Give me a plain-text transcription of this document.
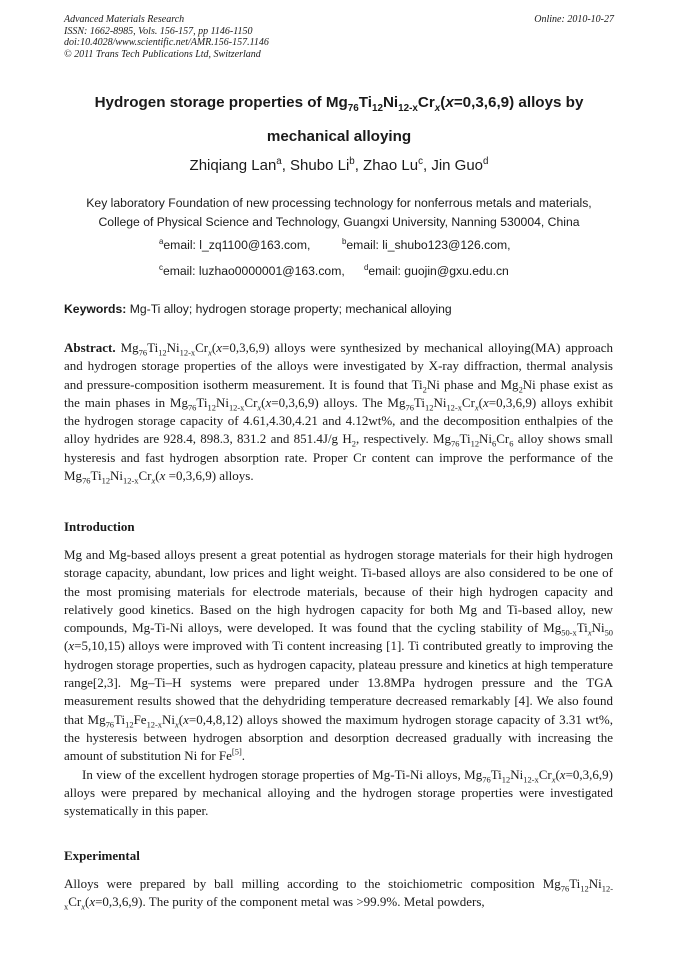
Advanced Materials Research
ISSN: 1662-8985, Vols. 156-157, pp 1146-1150
doi:10.4028/www.scientific.net/AMR.156-157.1146
© 2011 Trans Tech Publications Ltd, Switzerland
Online: 2010-10-27
Hydrogen storage properties of $Mg_{76}Ti_{12}Ni_{12-x}Cr_x(x=0,3,6,9)$ alloys by
mechanical alloying
Zhiqiang Lan$^a$, Shubo Li$^b$, Zhao Lu$^c$, Jin Guo$^d$
Key laboratory Foundation of new processing technology for nonferrous metals and materials,
College of Physical Science and Technology, Guangxi University, Nanning 530004, China
$^a$email: l_zq1100@163.com,	$^b$email: li_shubo123@126.com,
$^c$email: luzhao0000001@163.com, $^d$email: guojin@gxu.edu.cn
Keywords: Mg-Ti alloy; hydrogen storage property; mechanical alloying
Abstract. $Mg_{76}Ti_{12}Ni_{12-x}Cr_x(x=0,3,6,9)$ alloys were synthesized by mechanical alloying(MA) approach and hydrogen storage properties of the alloys were investigated by X-ray diffraction, thermal analysis and pressure-composition isotherm measurement. It is found that $Ti_2Ni$ phase and $Mg_2Ni$ phase exist as the main phases in $Mg_{76}Ti_{12}Ni_{12-x}Cr_x(x=0,3,6,9)$ alloys. The $Mg_{76}Ti_{12}Ni_{12-x}Cr_x(x=0,3,6,9)$ alloys exhibit the hydrogen storage capacity of 4.61,4.30,4.21 and 4.12wt%, and the decomposition enthalpies of the alloy hydrides are 928.4, 898.3, 831.2 and 851.4J/g $H_2$, respectively. $Mg_{76}Ti_{12}Ni_6Cr_6$ alloy shows small hysteresis and fast hydrogen absorption rate. Proper Cr content can improve the performance of the $Mg_{76}Ti_{12}Ni_{12-x}Cr_x(x =0,3,6,9)$ alloys.
Introduction
Mg and Mg-based alloys present a great potential as hydrogen storage materials for their high hydrogen storage capacity, abundant, low prices and light weight. Ti-based alloys are also considered to be one of the most promising materials for electrode materials, because of their high hydrogen capacity and relatively good kinetics. Based on the high hydrogen capacity for both Mg and Ti-based alloy, new compounds, Mg-Ti-Ni alloys, were developed. It was found that the cycling stability of $Mg_{50-x}Ti_xNi_{50}$ (x=5,10,15) alloys were improved with Ti content increasing [1]. Ti contributed greatly to improving the hydrogen storage properties, such as hydrogen capacity, plateau pressure and kinetics at high temperature range[2,3]. Mg–Ti–H systems were prepared under 13.8MPa hydrogen pressure and the TGA measurement results showed that the dehydriding temperature decreased remarkably [4]. We also found that $Mg_{76}Ti_{12}Fe_{12-x}Ni_x(x=0,4,8,12)$ alloys showed the maximum hydrogen storage capacity of 3.31 wt%, the hysteresis between hydrogen absorption and desorption decreased gradually with increasing the amount of substitution Ni for Fe[5].
In view of the excellent hydrogen storage properties of Mg-Ti-Ni alloys, $Mg_{76}Ti_{12}Ni_{12-x}Cr_x(x=0,3,6,9)$ alloys were prepared by mechanical alloying and the hydrogen storage properties were investigated systematically in this paper.
Experimental
Alloys were prepared by ball milling according to the stoichiometric composition $Mg_{76}Ti_{12}Ni_{12-x}Cr_x(x=0,3,6,9)$. The purity of the component metal was >99.9%. Metal powders,
